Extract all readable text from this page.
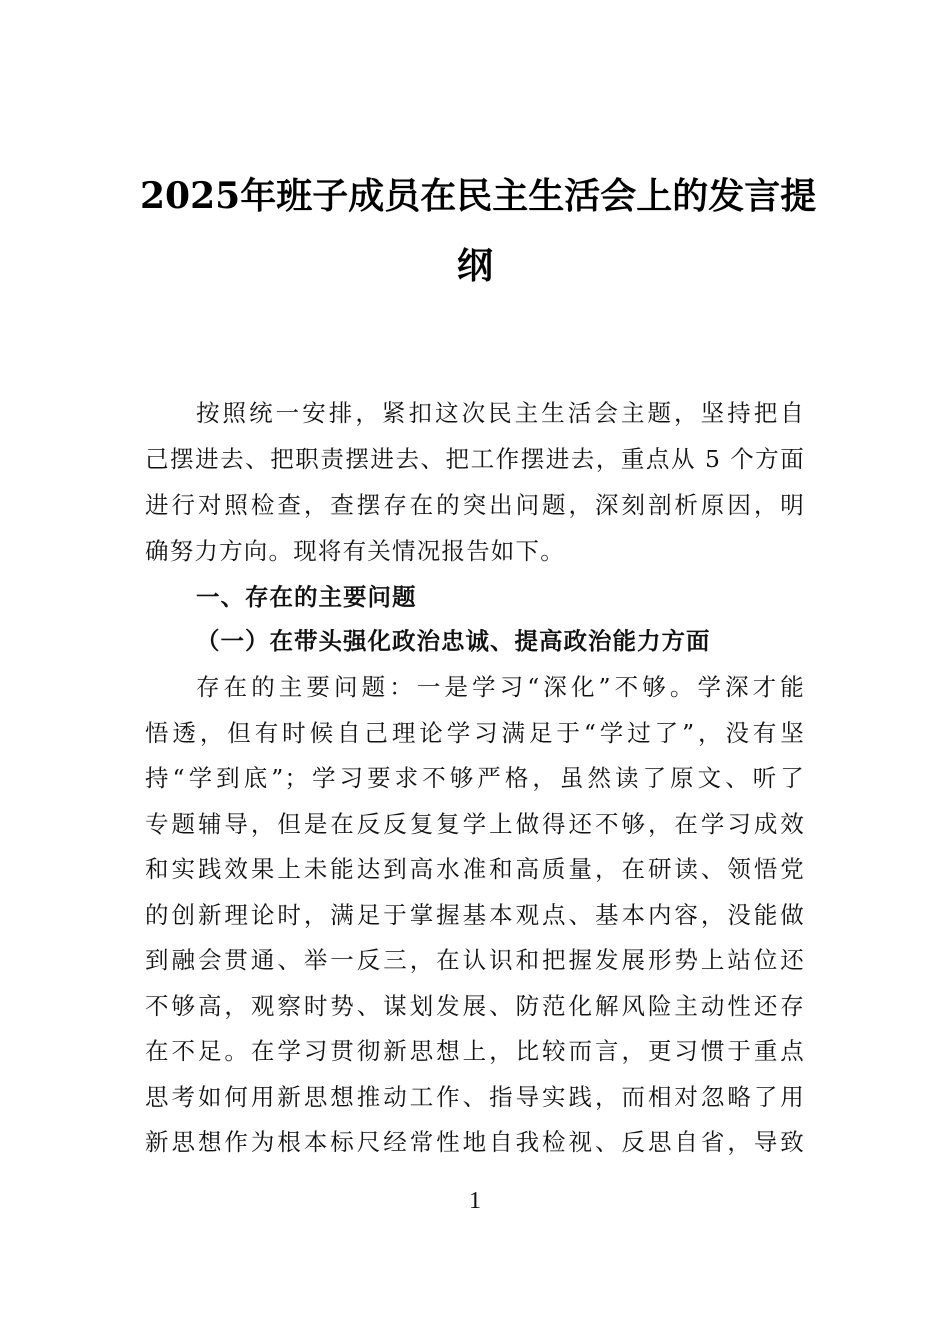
2025年班子成员在民主生活会上的发言提
纲
按照统一安排，紧扣这次民主生活会主题，坚持把自
己摆进去、把职责摆进去、把工作摆进去，重点从 5 个方面
进行对照检查，查摆存在的突出问题，深刻剖析原因，明
确努力方向。现将有关情况报告如下。
一、存在的主要问题
（一）在带头强化政治忠诚、提高政治能力方面
存在的主要问题：一是学习“深化”不够。学深才能
悟透，但有时候自己理论学习满足于“学过了”，没有坚
持“学到底”；学习要求不够严格，虽然读了原文、听了
专题辅导，但是在反反复复学上做得还不够，在学习成效
和实践效果上未能达到高水准和高质量，在研读、领悟党
的创新理论时，满足于掌握基本观点、基本内容，没能做
到融会贯通、举一反三，在认识和把握发展形势上站位还
不够高，观察时势、谋划发展、防范化解风险主动性还存
在不足。在学习贯彻新思想上，比较而言，更习惯于重点
思考如何用新思想推动工作、指导实践，而相对忽略了用
新思想作为根本标尺经常性地自我检视、反思自省，导致
1
